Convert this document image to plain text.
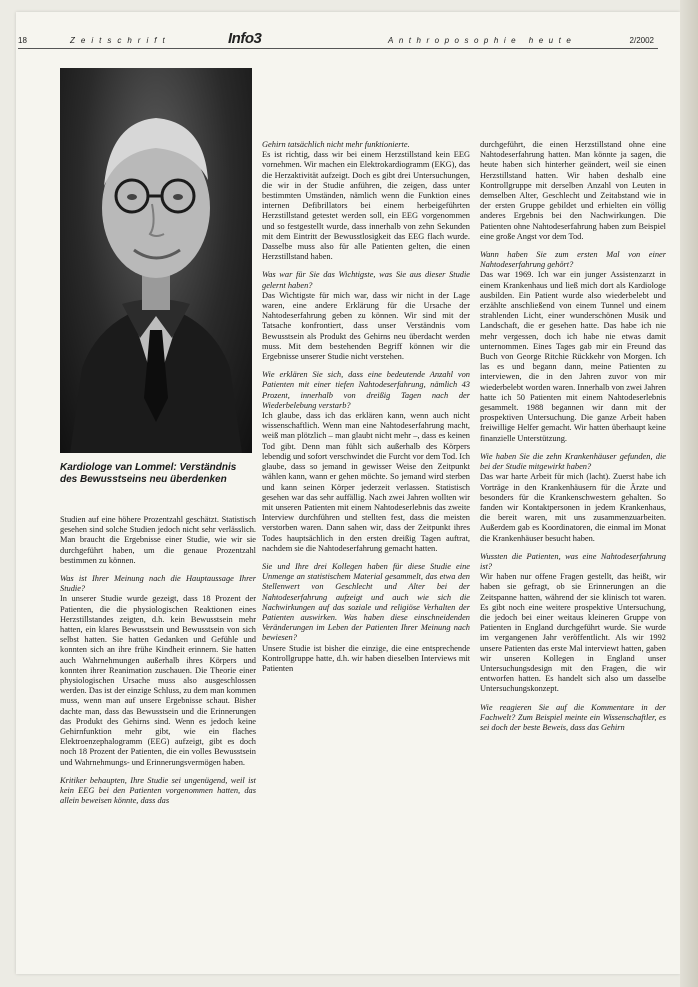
18	Zeitschrift	Info3	Anthroposophie heute	2/2002
Kardiologe van Lommel: Verständnis des Bewusstseins neu überdenken

Studien auf eine höhere Prozentzahl geschätzt. Statistisch gesehen sind solche Studien jedoch nicht sehr verlässlich. Man braucht die Ergebnisse einer Studie, wie wir sie durchgeführt haben, um die genaue Prozentzahl bestimmen zu können.

Was ist Ihrer Meinung nach die Hauptaussage Ihrer Studie?

In unserer Studie wurde gezeigt, dass 18 Prozent der Patienten, die die physiologischen Reaktionen eines Herzstillstandes zeigten, d.h. kein Bewusstsein mehr hatten, ein klares Bewusstsein und Bewusstsein von sich selbst hatten. Sie hatten Gedanken und Gefühle und konnten sich an ihre frühe Kindheit erinnern. Sie hatten auch Wahrnehmungen außerhalb ihres Körpers und konnten ihrer Reanimation zuschauen. Die Theorie einer physiologischen Ursache muss also ausgeschlossen werden. Das ist der einzige Schluss, zu dem man kommen muss, wenn man auf unsere Ergebnisse schaut. Bisher dachte man, dass das Bewusstsein und die Erinnerungen das Produkt des Gehirns sind. Wenn es jedoch keine Gehirnfunktion mehr gibt, wie ein flaches Elektroenzephalogramm (EEG) aufzeigt, gibt es doch noch 18 Prozent der Patienten, die ein volles Bewusstsein und Wahrnehmungs- und Erinnerungsvermögen haben.

Kritiker behaupten, Ihre Studie sei ungenügend, weil ist kein EEG bei den Patienten vorgenommen hatten, das allein beweisen könnte, dass das

Gehirn tatsächlich nicht mehr funktionierte.

Es ist richtig, dass wir bei einem Herzstillstand kein EEG vornehmen. Wir machen ein Elektrokardiogramm (EKG), das die Herzaktivität aufzeigt. Doch es gibt drei Untersuchungen, die wir in der Studie anführen, die zeigen, dass unter bestimmten Umständen, nämlich wenn die Funktion eines internen Defibrillators bei einem herbeigeführten Herzstillstand getestet werden soll, ein EEG vorgenommen und so festgestellt wurde, dass innerhalb von zehn Sekunden mit dem Eintritt der Bewusstlosigkeit das EEG flach wurde. Dasselbe muss also für alle Patienten gelten, die einen Herzstillstand haben.

Was war für Sie das Wichtigste, was Sie aus dieser Studie gelernt haben?

Das Wichtigste für mich war, dass wir nicht in der Lage waren, eine andere Erklärung für die Ursache der Nahtodeserfahrung geben zu können. Wir sind mit der Tatsache konfrontiert, dass unser Verständnis vom Bewusstsein als Produkt des Gehirns neu überdacht werden muss. Mit dem bestehenden Begriff können wir die Ergebnisse unserer Studie nicht verstehen.

Wie erklären Sie sich, dass eine bedeutende Anzahl von Patienten mit einer tiefen Nahtodeserfahrung, nämlich 43 Prozent, innerhalb von dreißig Tagen nach der Wiederbelebung verstarb?

Ich glaube, dass ich das erklären kann, wenn auch nicht wissenschaftlich. Wenn man eine Nahtodeserfahrung macht, weiß man plötzlich – man glaubt nicht mehr –, dass es keinen Tod gibt. Denn man fühlt sich außerhalb des Körpers lebendig und sofort verschwindet die Furcht vor dem Tod. Ich glaube, dass so jemand in gewisser Weise den Zeitpunkt wählen kann, wann er gehen möchte. So jemand wird sterben und kann seinen Körper jederzeit verlassen. Statistisch gesehen war das sehr auffällig. Nach zwei Jahren wollten wir mit unseren Patienten mit einem Nahtodeserlebnis das zweite Interview durchführen und stellten fest, dass die meisten verstorben waren. Dann sahen wir, dass der Zeitpunkt ihres Todes hauptsächlich in den ersten dreißig Tagen auftrat, nachdem sie die Nahtodeserfahrung gemacht hatten.

Sie und Ihre drei Kollegen haben für diese Studie eine Unmenge an statistischem Material gesammelt, das etwa den Stellenwert von Geschlecht und Alter bei der Nahtodeserfahrung aufzeigt und auch wie sich die Nachwirkungen auf das soziale und religiöse Verhalten der Patienten auswirken. Was haben diese einschneidenden Veränderungen im Leben der Patienten Ihrer Meinung nach bewiesen?

Unsere Studie ist bisher die einzige, die eine entsprechende Kontrollgruppe hatte, d.h. wir haben dieselben Interviews mit Patienten

durchgeführt, die einen Herzstillstand ohne eine Nahtodeserfahrung hatten. Man könnte ja sagen, die heute haben sich hinterher geändert, weil sie einen Herzstillstand hatten. Wir haben deshalb eine Kontrollgruppe mit derselben Anzahl von Leuten in demselben Alter, Geschlecht und Zeitabstand wie in der ersten Gruppe gebildet und erhielten ein völlig anderes Ergebnis bei den Nachwirkungen. Die Patienten ohne Nahtodeserfahrung haben zum Beispiel eine große Angst vor dem Tod.

Wann haben Sie zum ersten Mal von einer Nahtodeserfahrung gehört?

Das war 1969. Ich war ein junger Assistenzarzt in einem Krankenhaus und ließ mich dort als Kardiologe ausbilden. Ein Patient wurde also wiederbelebt und erzählte anschließend von einem Tunnel und einem strahlenden Licht, einer wunderschönen Musik und Landschaft, die er gesehen hatte. Das habe ich nie mehr vergessen, doch ich habe nie etwas damit unternommen. Eines Tages gab mir ein Freund das Buch von George Ritchie Rückkehr von Morgen. Ich las es und begann dann, meine Patienten zu interviewen, die in den Jahren zuvor von mir wiederbelebt worden waren. Innerhalb von zwei Jahren hatte ich 50 Patienten mit einem Nahtodeserlebnis gesammelt. 1988 begannen wir dann mit der prospektiven Untersuchung. Die ganze Arbeit haben freiwillige Helfer gemacht. Wir hatten überhaupt keine finanzielle Unterstützung.

Wie haben Sie die zehn Krankenhäuser gefunden, die bei der Studie mitgewirkt haben?

Das war harte Arbeit für mich (lacht). Zuerst habe ich Vorträge in den Krankenhäusern für die Ärzte und besonders für die Krankenschwestern gehalten. So fanden wir Kontaktpersonen in jedem Krankenhaus, die bereit waren, mit uns zusammenzuarbeiten. Außerdem gab es Koordinatoren, die einmal im Monat die Krankenhäuser besucht haben.

Wussten die Patienten, was eine Nahtodeserfahrung ist?

Wir haben nur offene Fragen gestellt, das heißt, wir haben sie gefragt, ob sie Erinnerungen an die Zeitspanne hatten, während der sie klinisch tot waren. Es gibt noch eine weitere prospektive Untersuchung, die jedoch bei einer weitaus kleineren Gruppe von Patienten in England durchgeführt wurde. Sie wurde im vergangenen Jahr veröffentlicht. Als wir 1992 unsere Patienten das erste Mal interviewt hatten, gaben wir unseren Kollegen in England unser Untersuchungsdesign mit den Fragen, die wir entworfen hatten. Es handelt sich also um dasselbe Untersuchungskonzept.

Wie reagieren Sie auf die Kommentare in der Fachwelt? Zum Beispiel meinte ein Wissenschaftler, es sei doch der beste Beweis, dass das Gehirn
